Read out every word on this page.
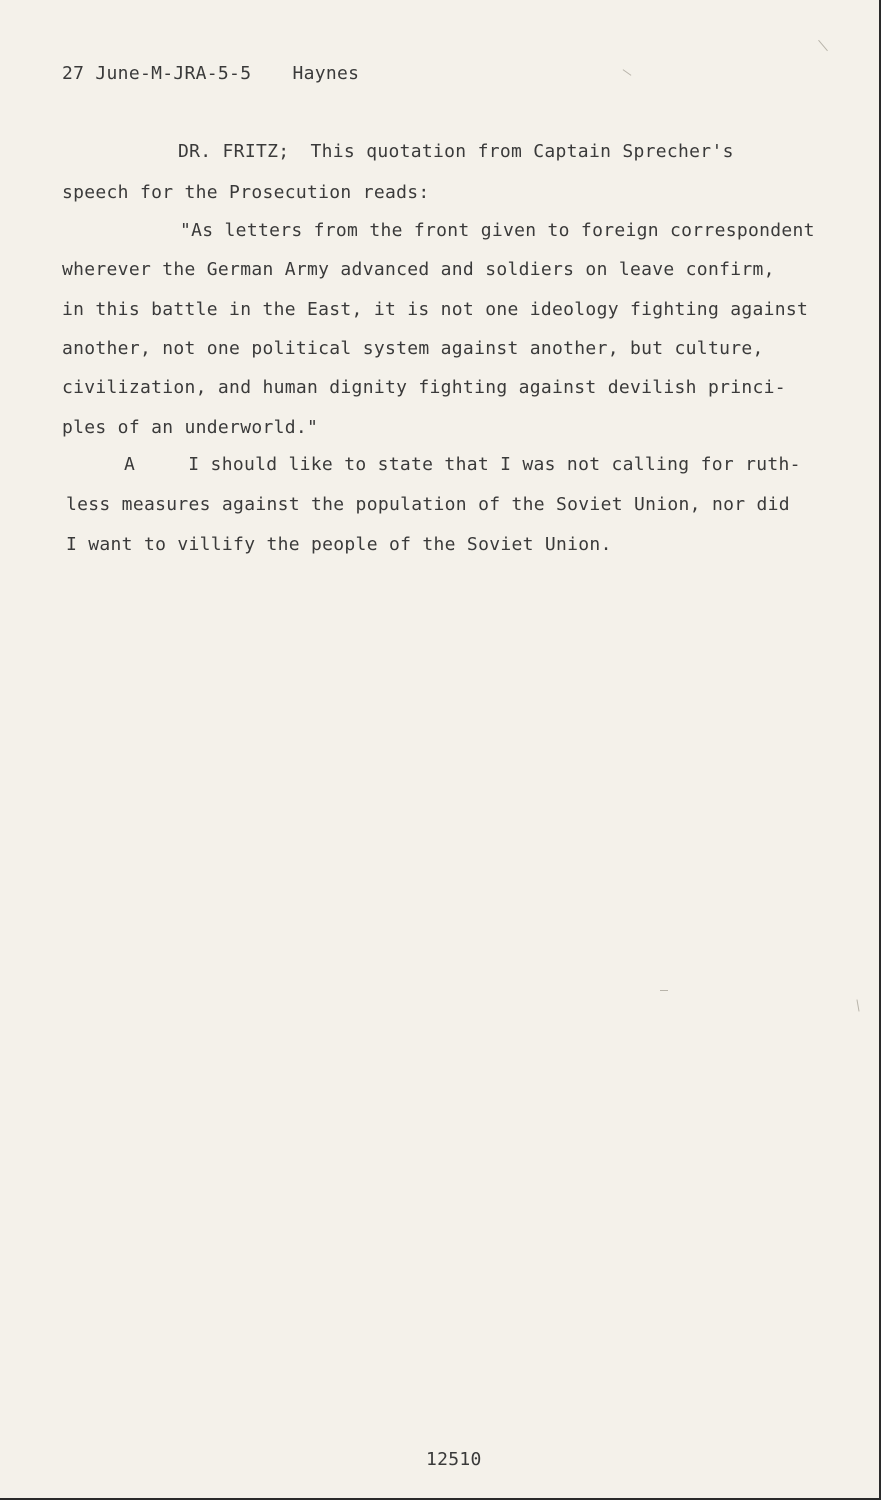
27 June-M-JRA-5-5 Haynes
DR. FRITZ; This quotation from Captain Sprecher's
speech for the Prosecution reads:
"As letters from the front given to foreign correspondent
wherever the German Army advanced and soldiers on leave confirm,
in this battle in the East, it is not one ideology fighting against
another, not one political system against another, but culture,
civilization, and human dignity fighting against devilish princi-
ples of an underworld."
A	I should like to state that I was not calling for ruth-
less measures against the population of the Soviet Union, nor did
I want to villify the people of the Soviet Union.
12510
